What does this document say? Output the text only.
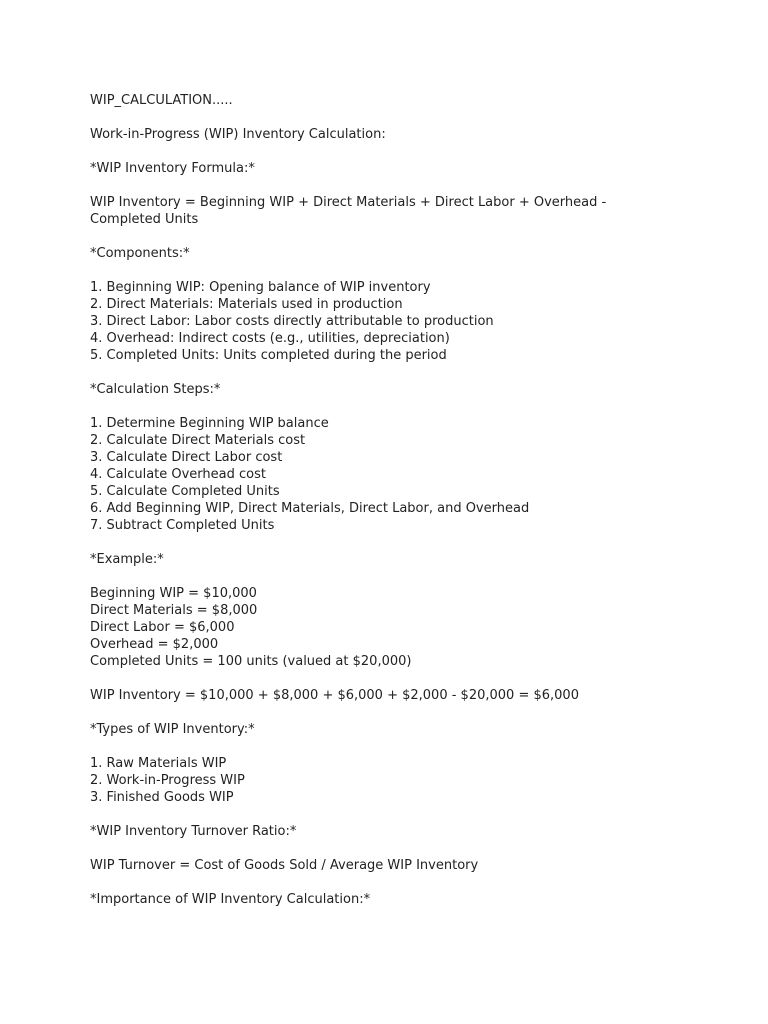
WIP_CALCULATION.....
Work-in-Progress (WIP) Inventory Calculation:
*WIP Inventory Formula:*
WIP Inventory = Beginning WIP + Direct Materials + Direct Labor + Overhead - Completed Units
*Components:*
1. Beginning WIP: Opening balance of WIP inventory
2. Direct Materials: Materials used in production
3. Direct Labor: Labor costs directly attributable to production
4. Overhead: Indirect costs (e.g., utilities, depreciation)
5. Completed Units: Units completed during the period
*Calculation Steps:*
1. Determine Beginning WIP balance
2. Calculate Direct Materials cost
3. Calculate Direct Labor cost
4. Calculate Overhead cost
5. Calculate Completed Units
6. Add Beginning WIP, Direct Materials, Direct Labor, and Overhead
7. Subtract Completed Units
*Example:*
Beginning WIP = $10,000
Direct Materials = $8,000
Direct Labor = $6,000
Overhead = $2,000
Completed Units = 100 units (valued at $20,000)
WIP Inventory = $10,000 + $8,000 + $6,000 + $2,000 - $20,000 = $6,000
*Types of WIP Inventory:*
1. Raw Materials WIP
2. Work-in-Progress WIP
3. Finished Goods WIP
*WIP Inventory Turnover Ratio:*
WIP Turnover = Cost of Goods Sold / Average WIP Inventory
*Importance of WIP Inventory Calculation:*
